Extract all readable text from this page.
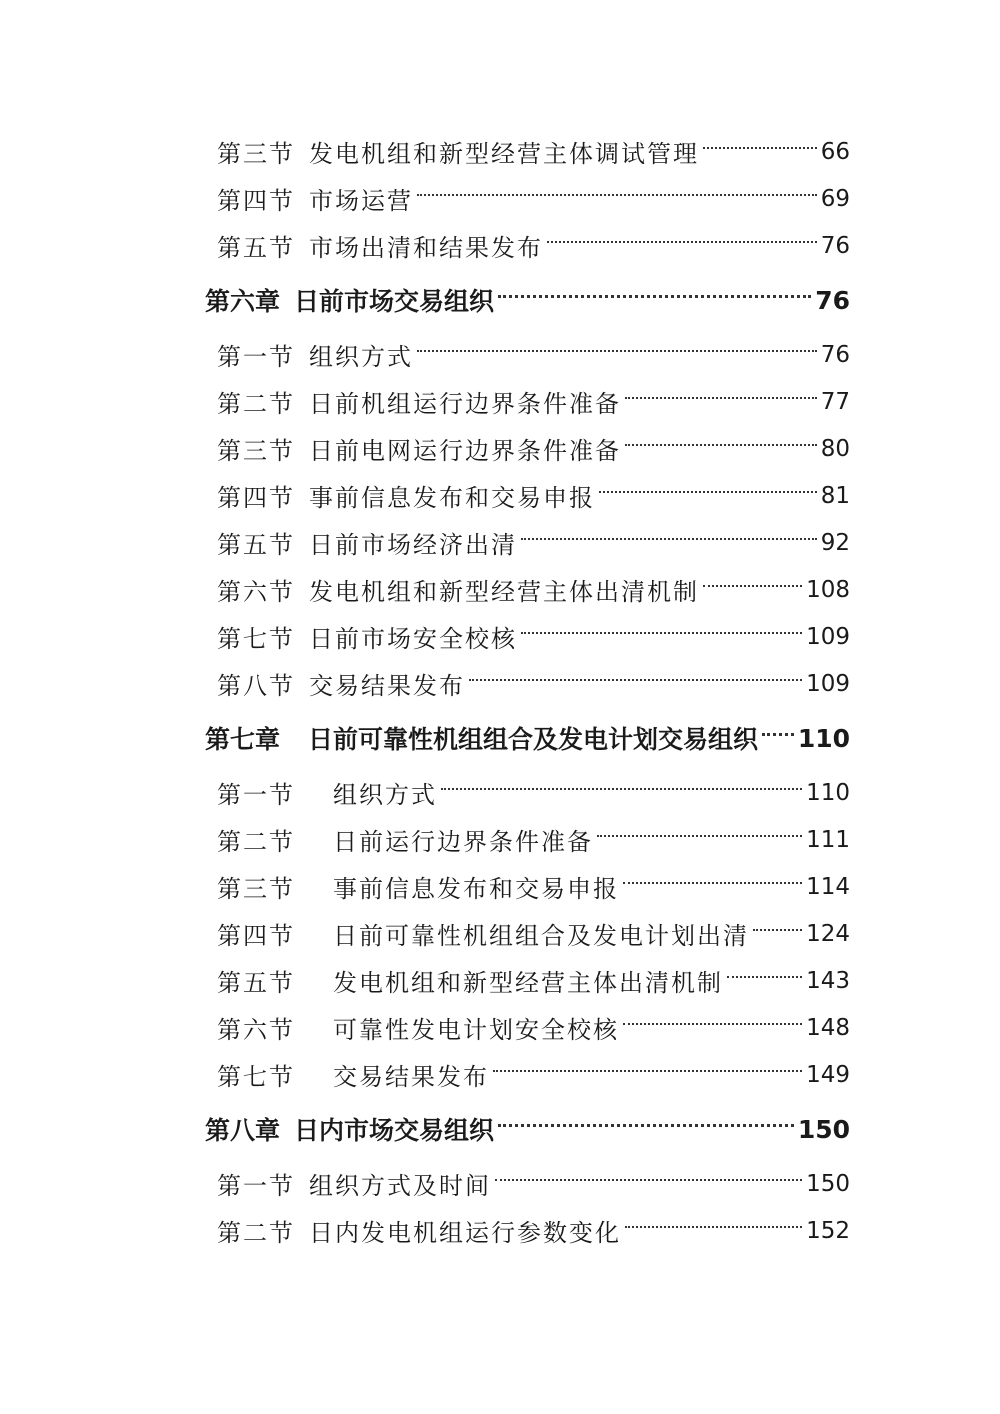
第三节 发电机组和新型经营主体调试管理	66
第四节 市场运营	69
第五节 市场出清和结果发布	76
第六章 日前市场交易组织	76
第一节 组织方式	76
第二节 日前机组运行边界条件准备	77
第三节 日前电网运行边界条件准备	80
第四节 事前信息发布和交易申报	81
第五节 日前市场经济出清	92
第六节 发电机组和新型经营主体出清机制	108
第七节 日前市场安全校核	109
第八节 交易结果发布	109
第七章 日前可靠性机组组合及发电计划交易组织 110
第一节	组织方式	110
第二节	日前运行边界条件准备	111
第三节	事前信息发布和交易申报	114
第四节	日前可靠性机组组合及发电计划出清 124
第五节	发电机组和新型经营主体出清机制	143
第六节	可靠性发电计划安全校核	148
第七节	交易结果发布	149
第八章 日内市场交易组织	150
第一节 组织方式及时间	150
第二节 日内发电机组运行参数变化	152
